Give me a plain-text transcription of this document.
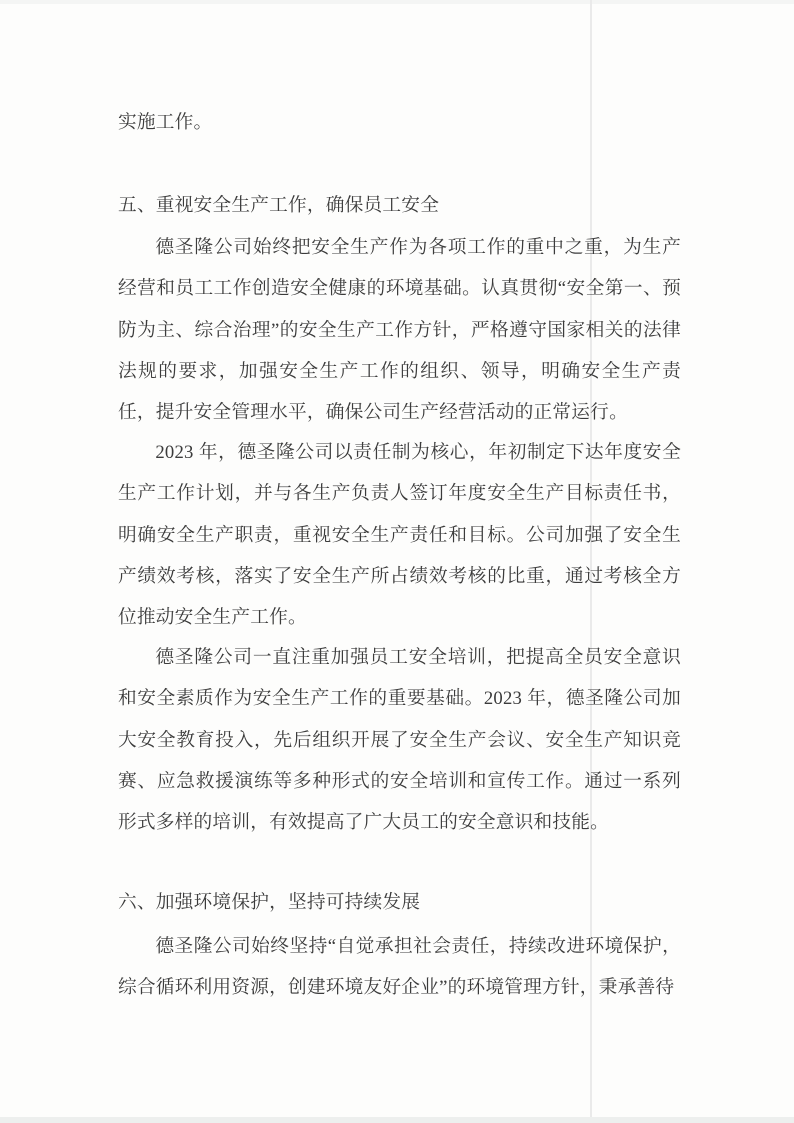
实施工作。

五、重视安全生产工作，确保员工安全

德圣隆公司始终把安全生产作为各项工作的重中之重，为生产经营和员工工作创造安全健康的环境基础。认真贯彻“安全第一、预防为主、综合治理”的安全生产工作方针，严格遵守国家相关的法律法规的要求，加强安全生产工作的组织、领导，明确安全生产责任，提升安全管理水平，确保公司生产经营活动的正常运行。

2023 年，德圣隆公司以责任制为核心，年初制定下达年度安全生产工作计划，并与各生产负责人签订年度安全生产目标责任书，明确安全生产职责，重视安全生产责任和目标。公司加强了安全生产绩效考核，落实了安全生产所占绩效考核的比重，通过考核全方位推动安全生产工作。

德圣隆公司一直注重加强员工安全培训，把提高全员安全意识和安全素质作为安全生产工作的重要基础。2023 年，德圣隆公司加大安全教育投入，先后组织开展了安全生产会议、安全生产知识竞赛、应急救援演练等多种形式的安全培训和宣传工作。通过一系列形式多样的培训，有效提高了广大员工的安全意识和技能。

六、加强环境保护，坚持可持续发展

德圣隆公司始终坚持“自觉承担社会责任，持续改进环境保护，综合循环利用资源，创建环境友好企业”的环境管理方针，秉承善待
